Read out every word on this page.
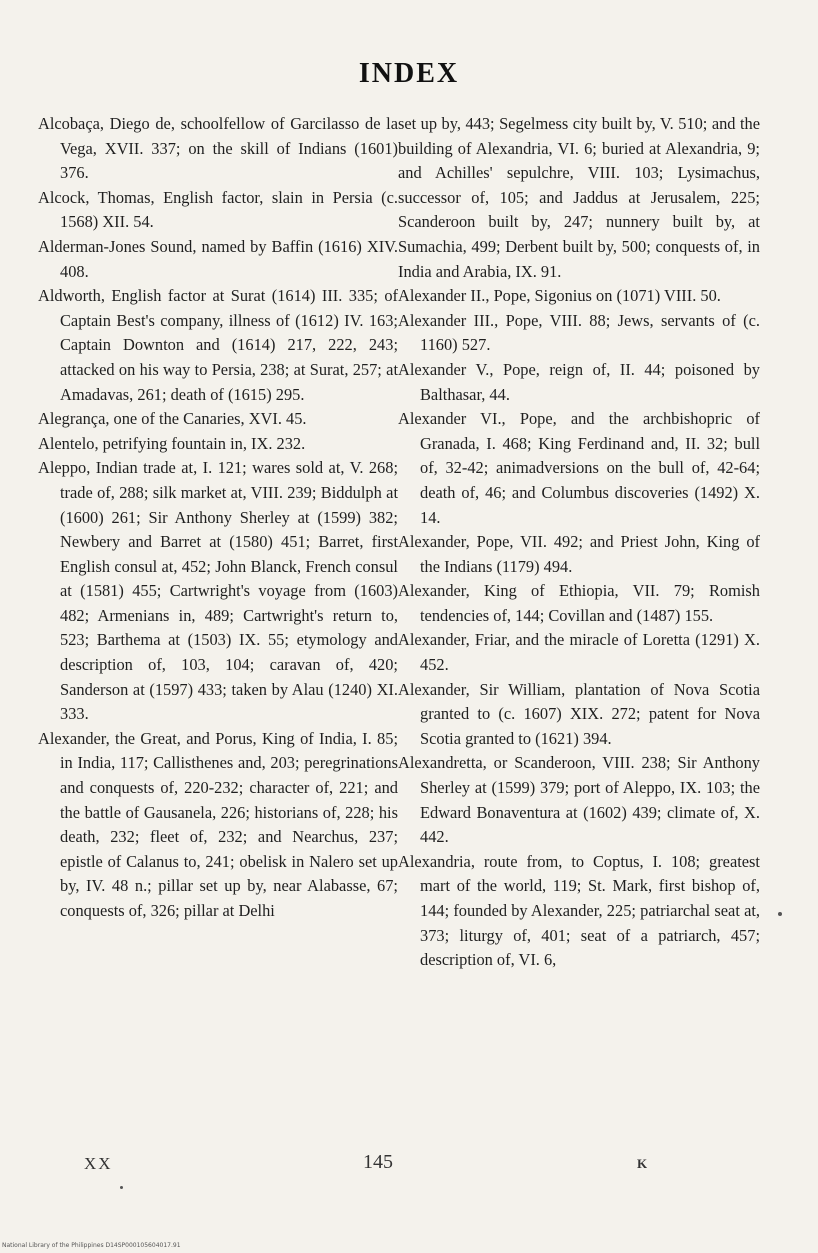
INDEX

Alcobaça, Diego de, schoolfellow of Garcilasso de la Vega, XVII. 337; on the skill of Indians (1601) 376.

Alcock, Thomas, English factor, slain in Persia (c. 1568) XII. 54.

Alderman-Jones Sound, named by Baffin (1616) XIV. 408.

Aldworth, English factor at Surat (1614) III. 335; of Captain Best's company, illness of (1612) IV. 163; Captain Downton and (1614) 217, 222, 243; attacked on his way to Persia, 238; at Surat, 257; at Amadavas, 261; death of (1615) 295.

Alegrança, one of the Canaries, XVI. 45.

Alentelo, petrifying fountain in, IX. 232.

Aleppo, Indian trade at, I. 121; wares sold at, V. 268; trade of, 288; silk market at, VIII. 239; Biddulph at (1600) 261; Sir Anthony Sherley at (1599) 382; Newbery and Barret at (1580) 451; Barret, first English consul at, 452; John Blanck, French consul at (1581) 455; Cartwright's voyage from (1603) 482; Armenians in, 489; Cartwright's return to, 523; Barthema at (1503) IX. 55; etymology and description of, 103, 104; caravan of, 420; Sanderson at (1597) 433; taken by Alau (1240) XI. 333.

Alexander, the Great, and Porus, King of India, I. 85; in India, 117; Callisthenes and, 203; peregrinations and conquests of, 220-232; character of, 221; and the battle of Gausanela, 226; historians of, 228; his death, 232; fleet of, 232; and Nearchus, 237; epistle of Calanus to, 241; obelisk in Nalero set up by, IV. 48 n.; pillar set up by, near Alabasse, 67; conquests of, 326; pillar at Delhi

set up by, 443; Segelmess city built by, V. 510; and the building of Alexandria, VI. 6; buried at Alexandria, 9; and Achilles' sepulchre, VIII. 103; Lysimachus, successor of, 105; and Jaddus at Jerusalem, 225; Scanderoon built by, 247; nunnery built by, at Sumachia, 499; Derbent built by, 500; conquests of, in India and Arabia, IX. 91.

Alexander II., Pope, Sigonius on (1071) VIII. 50.

Alexander III., Pope, VIII. 88; Jews, servants of (c. 1160) 527.

Alexander V., Pope, reign of, II. 44; poisoned by Balthasar, 44.

Alexander VI., Pope, and the archbishopric of Granada, I. 468; King Ferdinand and, II. 32; bull of, 32-42; animadversions on the bull of, 42-64; death of, 46; and Columbus discoveries (1492) X. 14.

Alexander, Pope, VII. 492; and Priest John, King of the Indians (1179) 494.

Alexander, King of Ethiopia, VII. 79; Romish tendencies of, 144; Covillan and (1487) 155.

Alexander, Friar, and the miracle of Loretta (1291) X. 452.

Alexander, Sir William, plantation of Nova Scotia granted to (c. 1607) XIX. 272; patent for Nova Scotia granted to (1621) 394.

Alexandretta, or Scanderoon, VIII. 238; Sir Anthony Sherley at (1599) 379; port of Aleppo, IX. 103; the Edward Bonaventura at (1602) 439; climate of, X. 442.

Alexandria, route from, to Coptus, I. 108; greatest mart of the world, 119; St. Mark, first bishop of, 144; founded by Alexander, 225; patriarchal seat at, 373; liturgy of, 401; seat of a patriarch, 457; description of, VI. 6,

XX	145	K
National Library of the Philippines D14SP000105604017.91
